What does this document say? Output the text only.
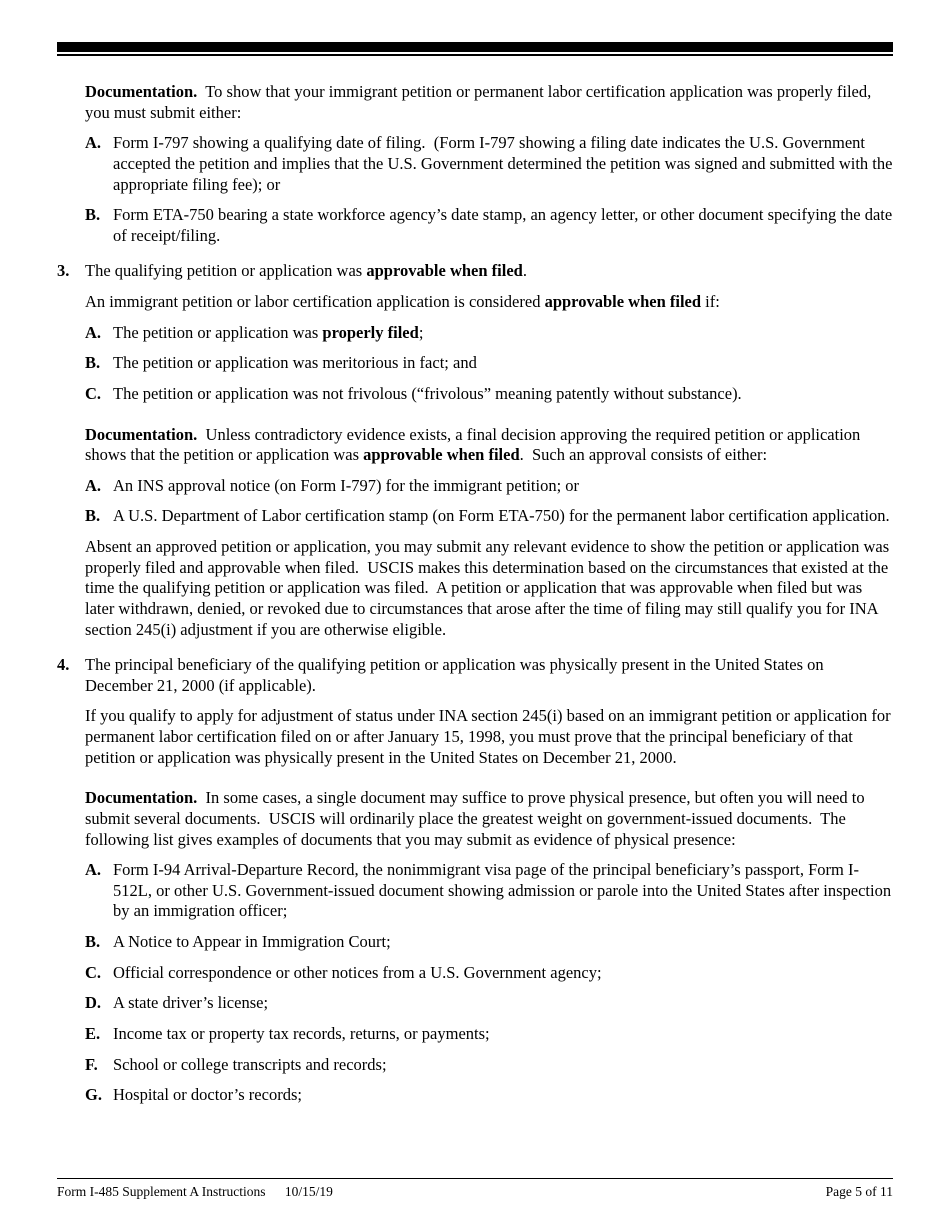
Documentation.  To show that your immigrant petition or permanent labor certification application was properly filed, you must submit either:

A. Form I-797 showing a qualifying date of filing.  (Form I-797 showing a filing date indicates the U.S. Government accepted the petition and implies that the U.S. Government determined the petition was signed and submitted with the appropriate filing fee); or
B. Form ETA-750 bearing a state workforce agency’s date stamp, an agency letter, or other document specifying the date of receipt/filing.
3. The qualifying petition or application was approvable when filed.

An immigrant petition or labor certification application is considered approvable when filed if:

A. The petition or application was properly filed;
B. The petition or application was meritorious in fact; and
C. The petition or application was not frivolous (“frivolous” meaning patently without substance).

Documentation.  Unless contradictory evidence exists, a final decision approving the required petition or application shows that the petition or application was approvable when filed.  Such an approval consists of either:

A. An INS approval notice (on Form I-797) for the immigrant petition; or
B. A U.S. Department of Labor certification stamp (on Form ETA-750) for the permanent labor certification application.

Absent an approved petition or application, you may submit any relevant evidence to show the petition or application was properly filed and approvable when filed.  USCIS makes this determination based on the circumstances that existed at the time the qualifying petition or application was filed.  A petition or application that was approvable when filed but was later withdrawn, denied, or revoked due to circumstances that arose after the time of filing may still qualify you for INA section 245(i) adjustment if you are otherwise eligible.

4. The principal beneficiary of the qualifying petition or application was physically present in the United States on December 21, 2000 (if applicable).

If you qualify to apply for adjustment of status under INA section 245(i) based on an immigrant petition or application for permanent labor certification filed on or after January 15, 1998, you must prove that the principal beneficiary of that petition or application was physically present in the United States on December 21, 2000.

Documentation.  In some cases, a single document may suffice to prove physical presence, but often you will need to submit several documents.  USCIS will ordinarily place the greatest weight on government-issued documents.  The following list gives examples of documents that you may submit as evidence of physical presence:

A. Form I-94 Arrival-Departure Record, the nonimmigrant visa page of the principal beneficiary’s passport, Form I-512L, or other U.S. Government-issued document showing admission or parole into the United States after inspection by an immigration officer;
B. A Notice to Appear in Immigration Court;
C. Official correspondence or other notices from a U.S. Government agency;
D. A state driver’s license;
E. Income tax or property tax records, returns, or payments;
F. School or college transcripts and records;
G. Hospital or doctor’s records;
Form I-485 Supplement A Instructions 10/15/19	Page 5 of 11
